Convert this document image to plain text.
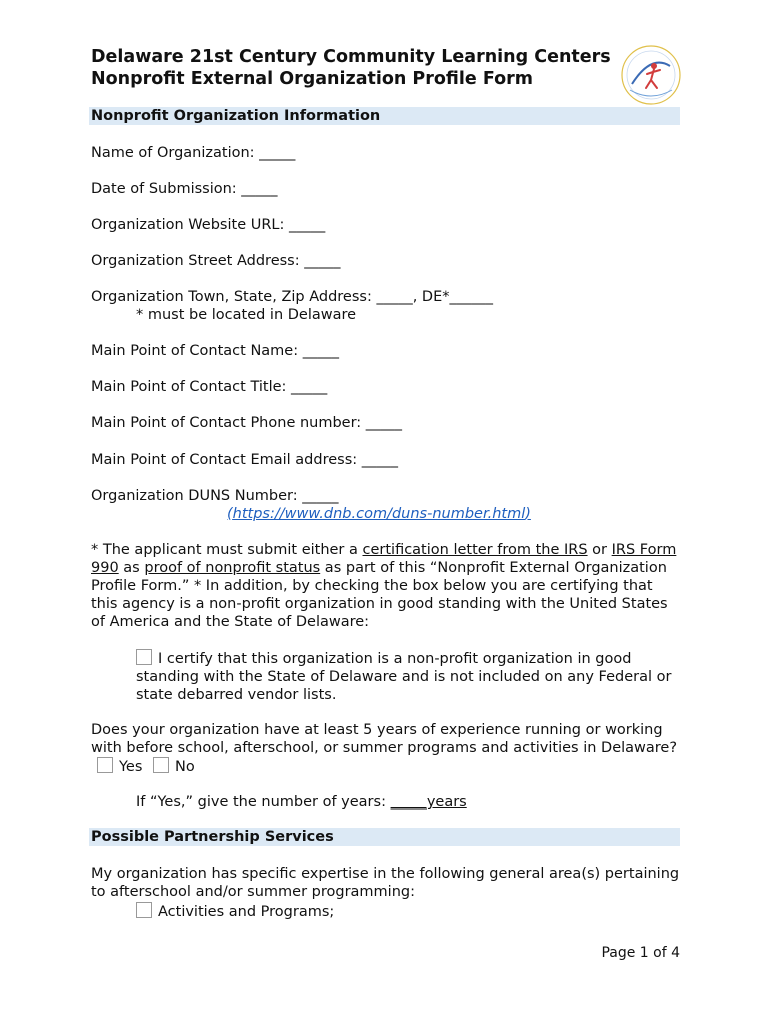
Delaware 21st Century Community Learning Centers
Nonprofit External Organization Profile Form
Nonprofit Organization Information
Name of Organization: _____
Date of Submission: _____
Organization Website URL: _____
Organization Street Address: _____
Organization Town, State, Zip Address: _____, DE*______
* must be located in Delaware
Main Point of Contact Name: _____
Main Point of Contact Title: _____
Main Point of Contact Phone number: _____
Main Point of Contact Email address: _____
Organization DUNS Number: _____
(https://www.dnb.com/duns-number.html)
* The applicant must submit either a certification letter from the IRS or IRS Form 990 as proof of nonprofit status as part of this “Nonprofit External Organization Profile Form.” * In addition, by checking the box below you are certifying that this agency is a non-profit organization in good standing with the United States of America and the State of Delaware:
I certify that this organization is a non-profit organization in good standing with the State of Delaware and is not included on any Federal or state debarred vendor lists.
Does your organization have at least 5 years of experience running or working with before school, afterschool, or summer programs and activities in Delaware? Yes No
If “Yes,” give the number of years: _____years
Possible Partnership Services
My organization has specific expertise in the following general area(s) pertaining to afterschool and/or summer programming:
Activities and Programs;
Page 1 of 4
